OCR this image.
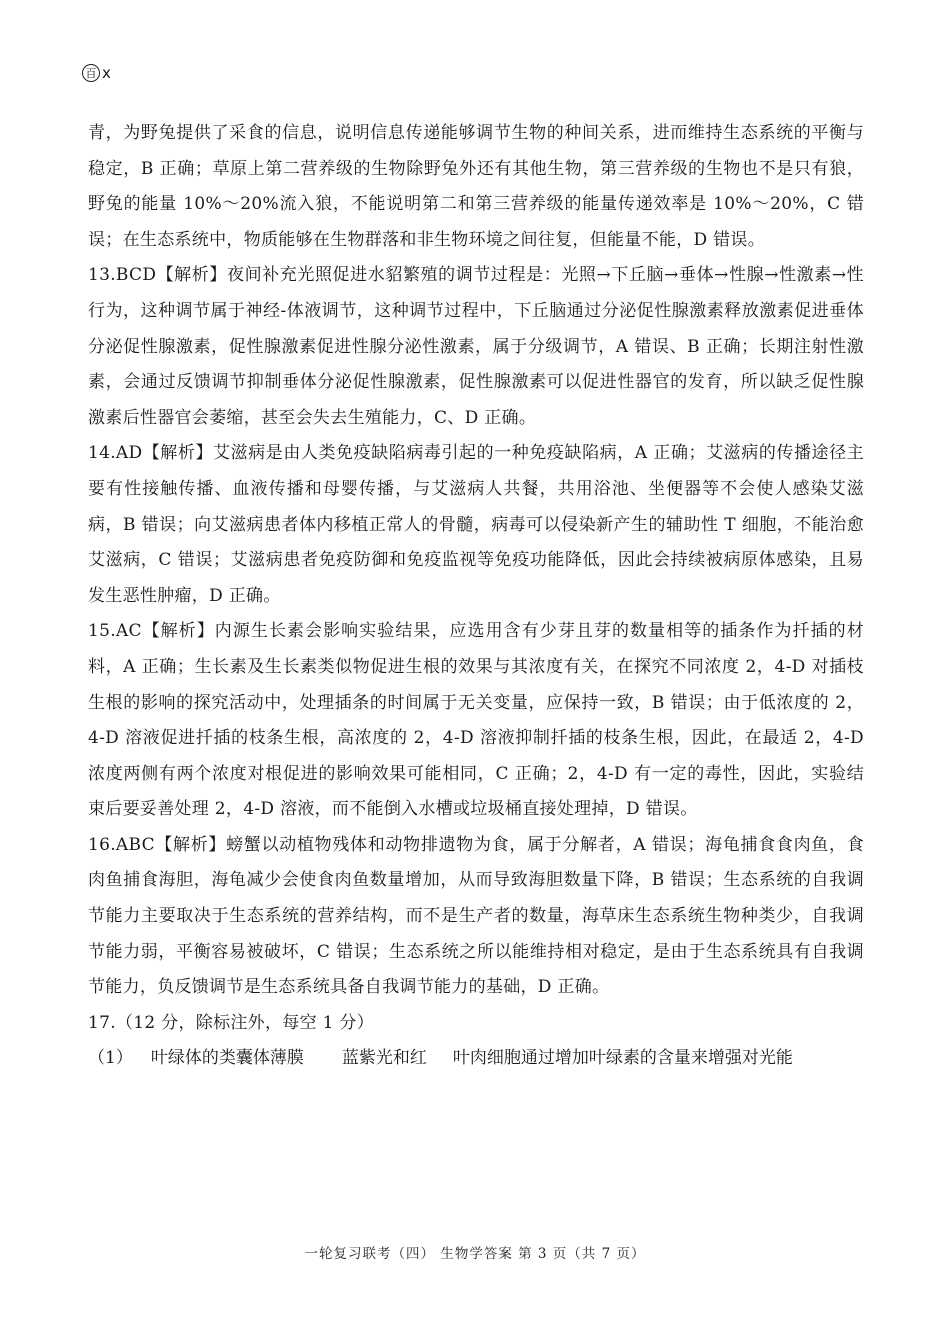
百 x

青，为野兔提供了采食的信息，说明信息传递能够调节生物的种间关系，进而维持生态系统的平衡与稳定，B 正确；草原上第二营养级的生物除野兔外还有其他生物，第三营养级的生物也不是只有狼，野兔的能量 10%～20%流入狼，不能说明第二和第三营养级的能量传递效率是 10%～20%，C 错误；在生态系统中，物质能够在生物群落和非生物环境之间往复，但能量不能，D 错误。

13.BCD【解析】夜间补充光照促进水貂繁殖的调节过程是：光照→下丘脑→垂体→性腺→性激素→性行为，这种调节属于神经-体液调节，这种调节过程中，下丘脑通过分泌促性腺激素释放激素促进垂体分泌促性腺激素，促性腺激素促进性腺分泌性激素，属于分级调节，A 错误、B 正确；长期注射性激素，会通过反馈调节抑制垂体分泌促性腺激素，促性腺激素可以促进性器官的发育，所以缺乏促性腺激素后性器官会萎缩，甚至会失去生殖能力，C、D 正确。

14.AD【解析】艾滋病是由人类免疫缺陷病毒引起的一种免疫缺陷病，A 正确；艾滋病的传播途径主要有性接触传播、血液传播和母婴传播，与艾滋病人共餐，共用浴池、坐便器等不会使人感染艾滋病，B 错误；向艾滋病患者体内移植正常人的骨髓，病毒可以侵染新产生的辅助性 T 细胞，不能治愈艾滋病，C 错误；艾滋病患者免疫防御和免疫监视等免疫功能降低，因此会持续被病原体感染，且易发生恶性肿瘤，D 正确。

15.AC【解析】内源生长素会影响实验结果，应选用含有少芽且芽的数量相等的插条作为扦插的材料，A 正确；生长素及生长素类似物促进生根的效果与其浓度有关，在探究不同浓度 2，4-D 对插枝生根的影响的探究活动中，处理插条的时间属于无关变量，应保持一致，B 错误；由于低浓度的 2，4-D 溶液促进扦插的枝条生根，高浓度的 2，4-D 溶液抑制扦插的枝条生根，因此，在最适 2，4-D 浓度两侧有两个浓度对根促进的影响效果可能相同，C 正确；2，4-D 有一定的毒性，因此，实验结束后要妥善处理 2，4-D 溶液，而不能倒入水槽或垃圾桶直接处理掉，D 错误。

16.ABC【解析】螃蟹以动植物残体和动物排遗物为食，属于分解者，A 错误；海龟捕食食肉鱼，食肉鱼捕食海胆，海龟减少会使食肉鱼数量增加，从而导致海胆数量下降，B 错误；生态系统的自我调节能力主要取决于生态系统的营养结构，而不是生产者的数量，海草床生态系统生物种类少，自我调节能力弱，平衡容易被破坏，C 错误；生态系统之所以能维持相对稳定，是由于生态系统具有自我调节能力，负反馈调节是生态系统具备自我调节能力的基础，D 正确。

17.（12 分，除标注外，每空 1 分）

（1） 叶绿体的类囊体薄膜 蓝紫光和红 叶肉细胞通过增加叶绿素的含量来增强对光能
一轮复习联考（四） 生物学答案 第 3 页（共 7 页）
